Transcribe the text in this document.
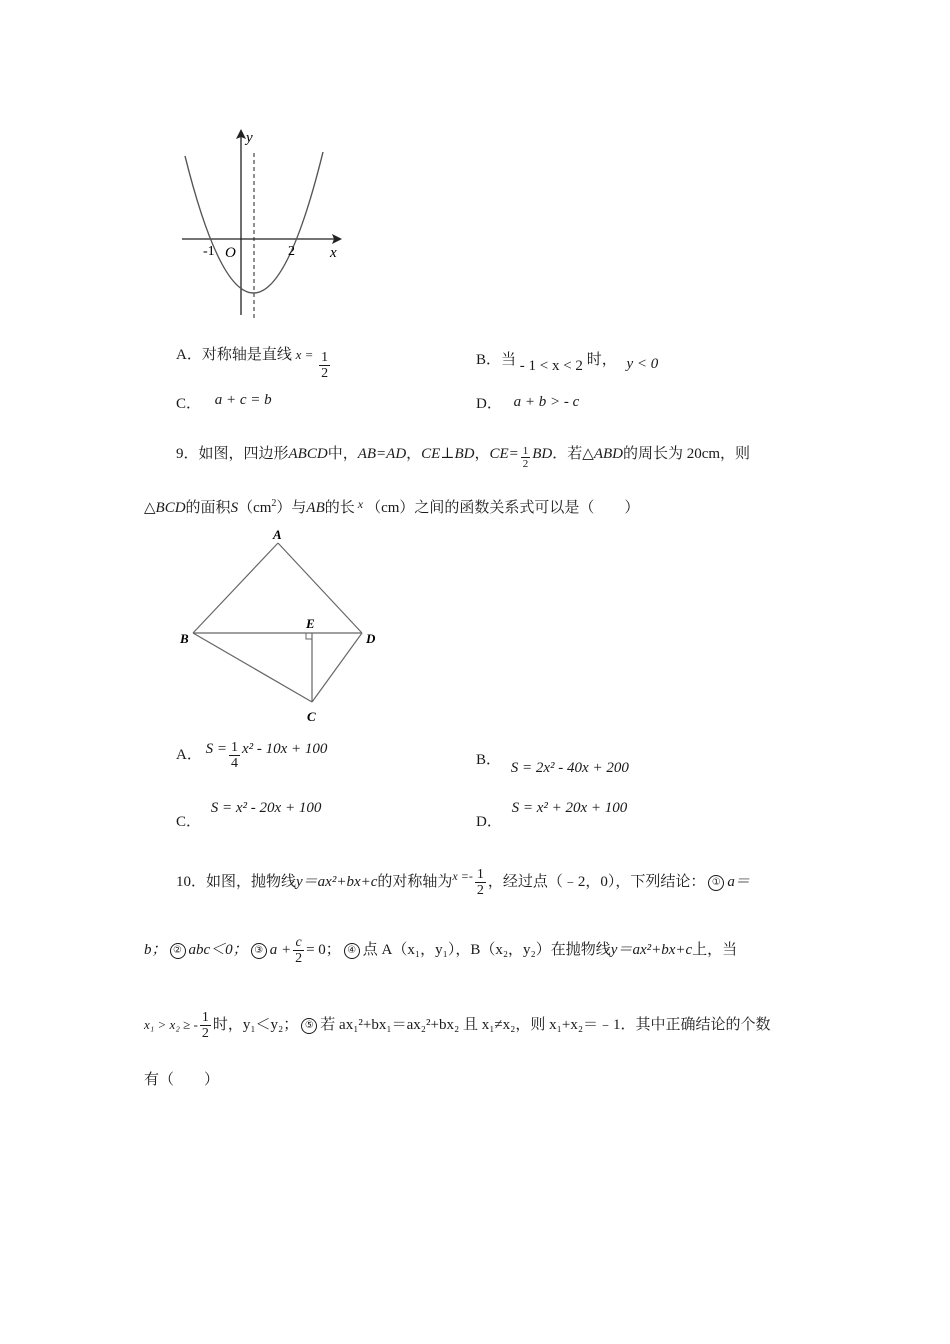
y
x
-1 O	2
A．对称轴是直线 $x = \frac{1}{2}$	B．当 - 1 < x < 2 时， y < 0
C． a + c = b	D． a + b > - c
9．如图，四边形ABCD中，AB=AD，CE⊥BD，$CE= \frac{1}{2}$ BD．若△ABD的周长为 20cm，则
△BCD的面积$S(cm^2)$与AB的长 $^x$ （cm）之间的函数关系式可以是（　　）
A
B	D
E
C
A． $S = \frac{1}{4} x^2 - 10x + 100$
B． S = 2x² - 40x + 200
C． S = x² - 20x + 100
D． S = x² + 20x + 100
10．如图，抛物线y＝ax²+bx+c的对称轴为$^{x =-} \frac{1}{2}$ ，经过点（﹣2，0），下列结论： ① a＝
b； ② abc＜0； ③ $a + \frac{c}{2} = 0$； ④ 点 A（x₁，y₁），B（x₂，y₂）在抛物线y＝ax²+bx+c上，当
x₁ > x₂ ≥ - $\frac{1}{2}$ 时，y₁＜y₂； ⑤ 若 ax₁²+bx₁＝ax₂²+bx₂ 且 x₁≠x₂，则 x₁+x₂＝﹣1．其中正确结论的个数
有（　　）
